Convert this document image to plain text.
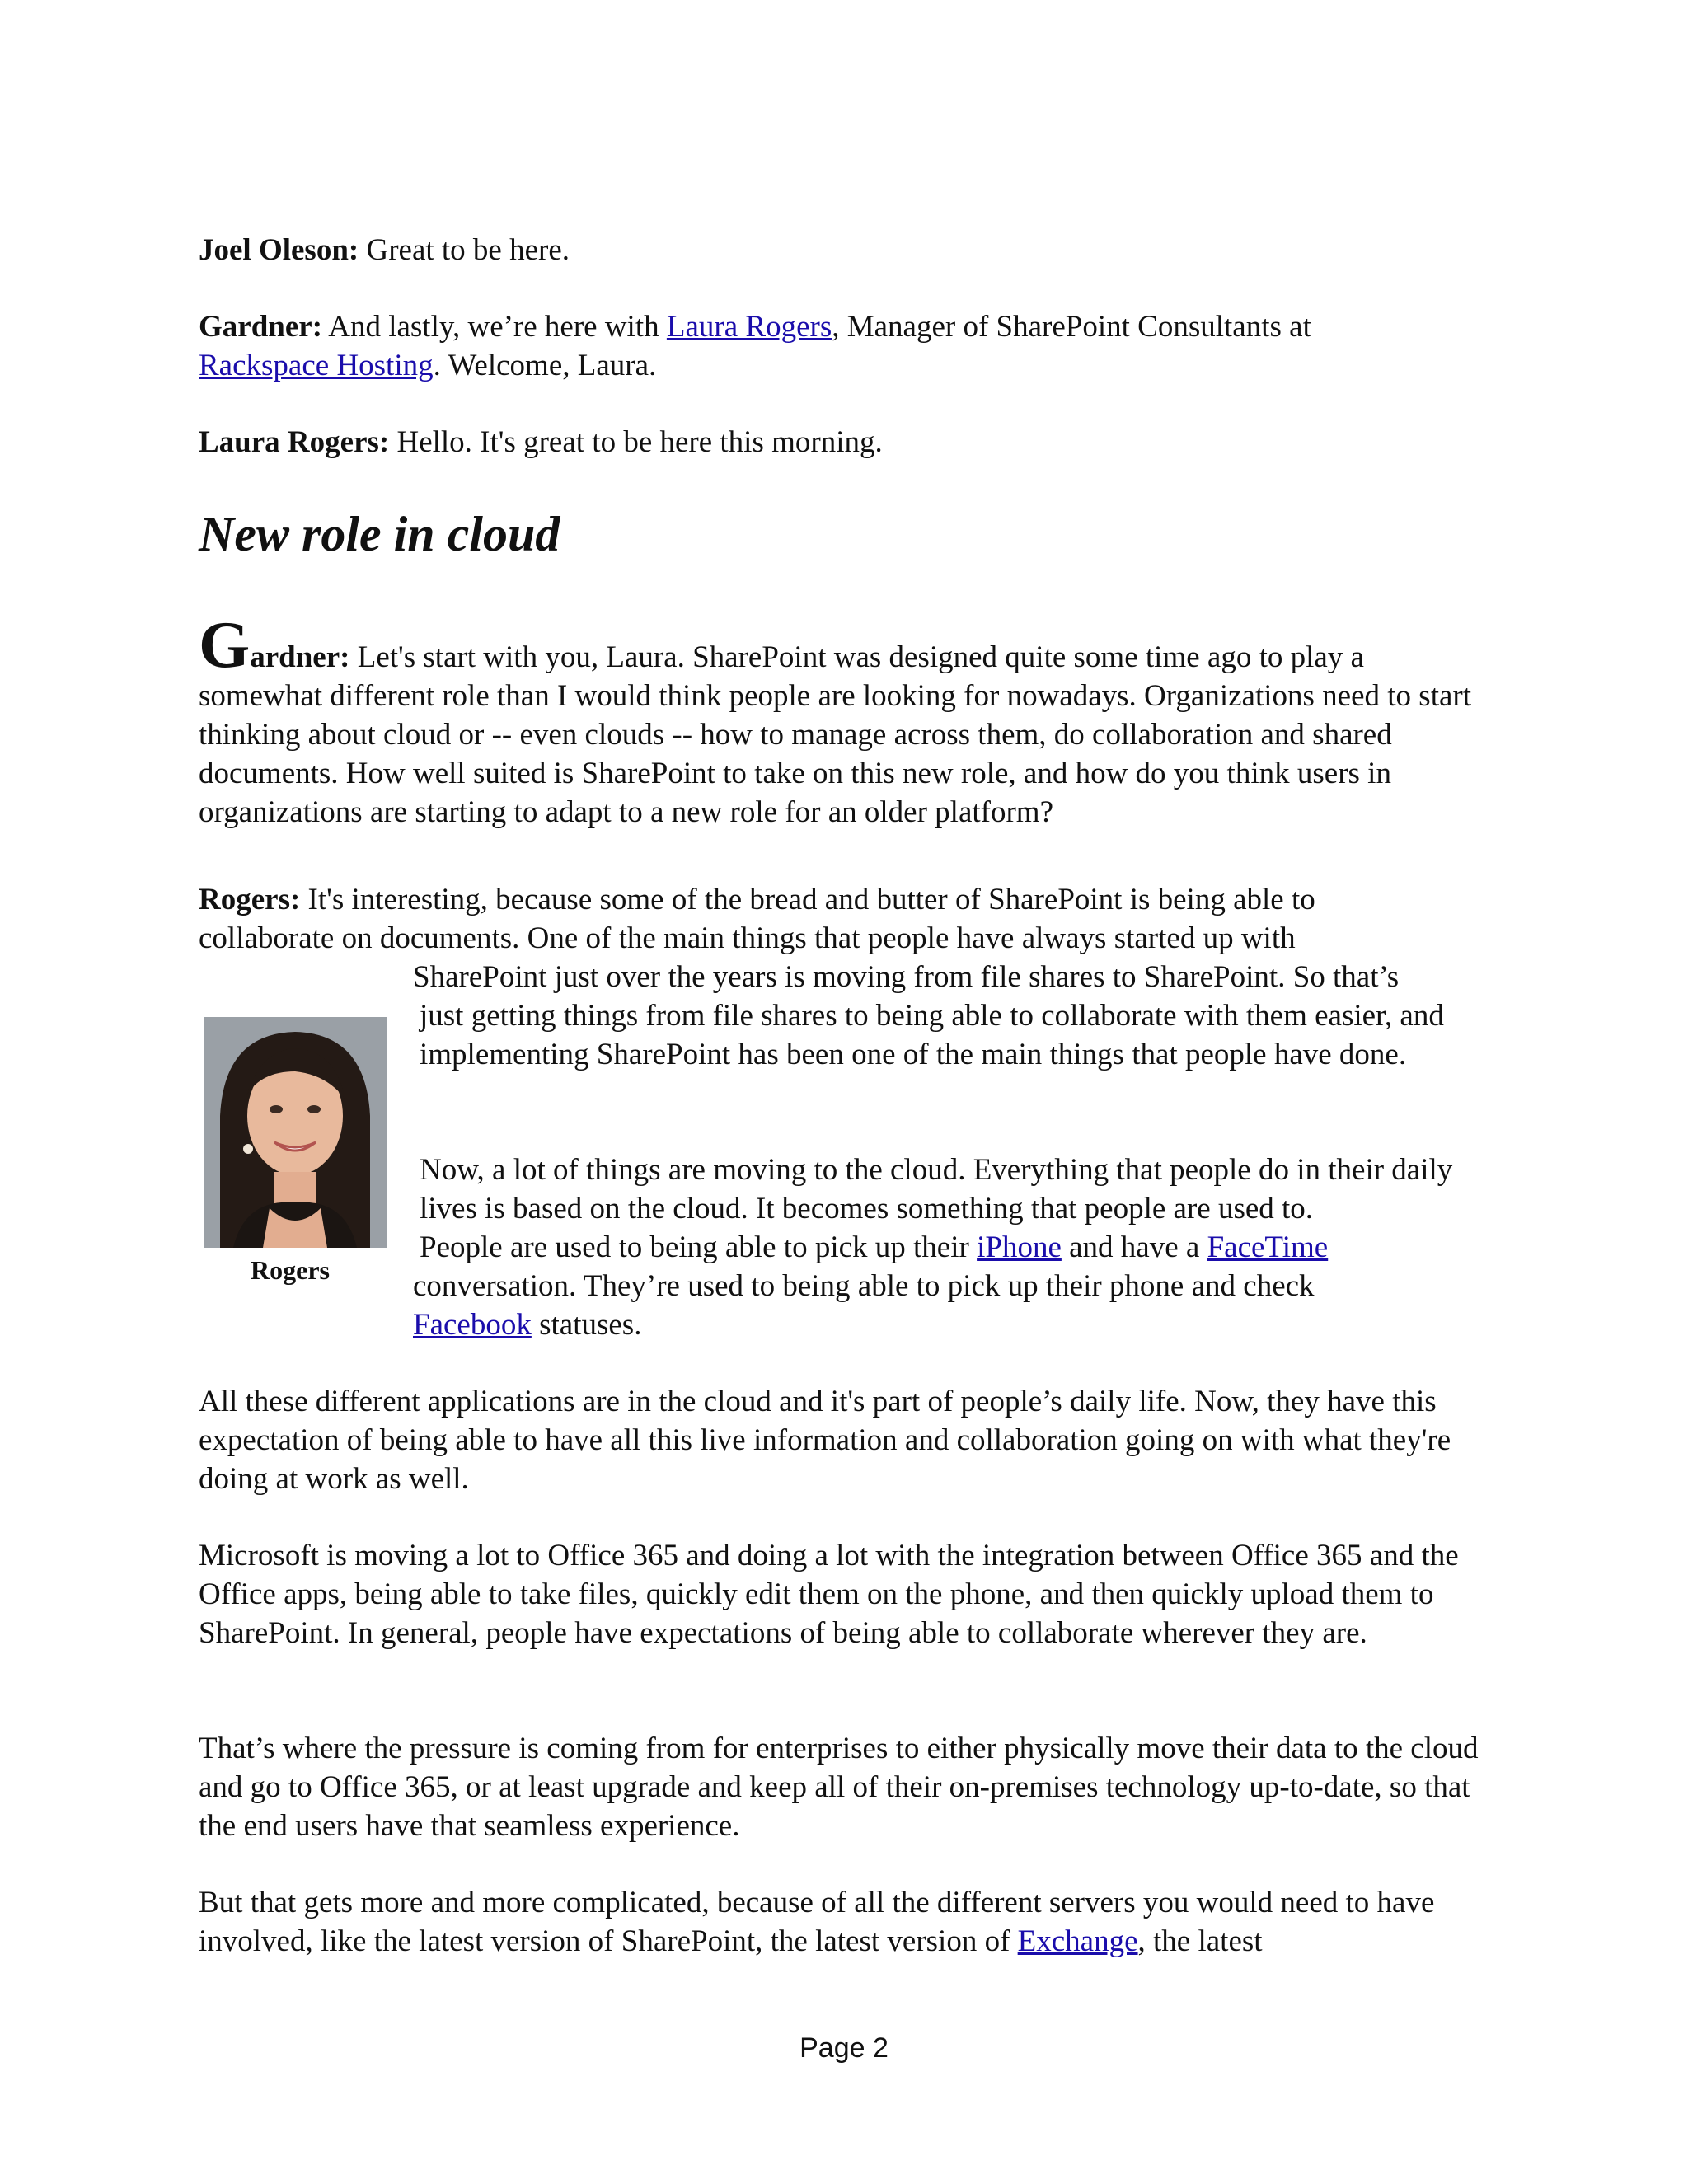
Joel Oleson: Great to be here.

Gardner: And lastly, we’re here with Laura Rogers, Manager of SharePoint Consultants at
Rackspace Hosting. Welcome, Laura.

Laura Rogers: Hello. It's great to be here this morning.

New role in cloud

Gardner: Let's start with you, Laura. SharePoint was designed quite some time ago to play a
somewhat different role than I would think people are looking for nowadays. Organizations need to start thinking about cloud or -- even clouds -- how to manage across them, do collaboration and shared documents. How well suited is SharePoint to take on this new role, and how do you think users in organizations are starting to adapt to a new role for an older platform?

Rogers: It's interesting, because some of the bread and butter of SharePoint is being able to
collaborate on documents. One of the main things that people have always started up with

SharePoint just over the years is moving from file shares to SharePoint. So that’s

just getting things from file shares to being able to collaborate with them easier, and implementing SharePoint has been one of the main things that people have done.

Rogers

Now, a lot of things are moving to the cloud. Everything that people do in their daily lives is based on the cloud. It becomes something that people are used to.
People are used to being able to pick up their iPhone and have a FaceTime

conversation. They’re used to being able to pick up their phone and check
Facebook statuses.

All these different applications are in the cloud and it's part of people’s daily life. Now, they have this expectation of being able to have all this live information and collaboration going on with what they're doing at work as well.

Microsoft is moving a lot to Office 365 and doing a lot with the integration between Office 365 and the Office apps, being able to take files, quickly edit them on the phone, and then quickly upload them to SharePoint. In general, people have expectations of being able to collaborate wherever they are.

That’s where the pressure is coming from for enterprises to either physically move their data to the cloud and go to Office 365, or at least upgrade and keep all of their on-premises technology up-to-date, so that the end users have that seamless experience.

But that gets more and more complicated, because of all the different servers you would need to have involved, like the latest version of SharePoint, the latest version of Exchange, the latest

Page 2
